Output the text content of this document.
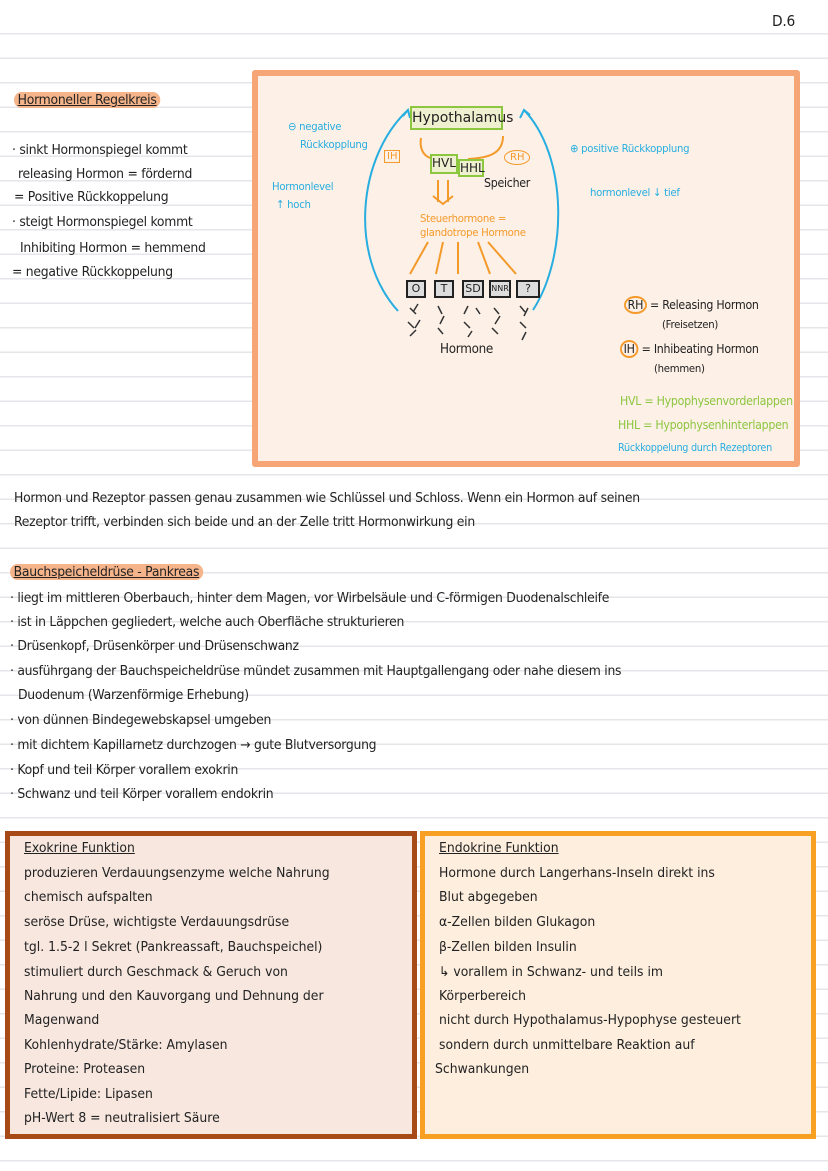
D.6
Hormoneller Regelkreis
· sinkt Hormonspiegel kommt
releasing Hormon = fördernd
= Positive Rückkoppelung
· steigt Hormonspiegel kommt
Inhibiting Hormon = hemmend
= negative Rückkoppelung
Hypothalamus
HVL HHL
IH	RH
Speicher
⊖ negative
Rückkopplung	⊕ positive Rückkopplung
Hormonlevel
↑ hoch
hormonlevel ↓ tief
Steuerhormone =
glandotrope Hormone
O	T	SD	NNR	?
Hormone
RH = Releasing Hormon
(Freisetzen)
IH = Inhibeating Hormon
(hemmen)
HVL = Hypophysenvorderlappen
HHL = Hypophysenhinterlappen
Rückkoppelung durch Rezeptoren
Hormon und Rezeptor passen genau zusammen wie Schlüssel und Schloss. Wenn ein Hormon auf seinen
Rezeptor trifft, verbinden sich beide und an der Zelle tritt Hormonwirkung ein
Bauchspeicheldrüse - Pankreas
· liegt im mittleren Oberbauch, hinter dem Magen, vor Wirbelsäule und C-förmigen Duodenalschleife
· ist in Läppchen gegliedert, welche auch Oberfläche strukturieren
· Drüsenkopf, Drüsenkörper und Drüsenschwanz
· ausführgang der Bauchspeicheldrüse mündet zusammen mit Hauptgallengang oder nahe diesem ins
Duodenum (Warzenförmige Erhebung)
· von dünnen Bindegewebskapsel umgeben
· mit dichtem Kapillarnetz durchzogen → gute Blutversorgung
· Kopf und teil Körper vorallem exokrin
· Schwanz und teil Körper vorallem endokrin
Exokrine Funktion
produzieren Verdauungsenzyme welche Nahrung
chemisch aufspalten
seröse Drüse, wichtigste Verdauungsdrüse
tgl. 1.5-2 l Sekret (Pankreassaft, Bauchspeichel)
stimuliert durch Geschmack & Geruch von
Nahrung und den Kauvorgang und Dehnung der
Magenwand
Kohlenhydrate/Stärke: Amylasen
Proteine: Proteasen
Fette/Lipide: Lipasen
pH-Wert 8 = neutralisiert Säure
Endokrine Funktion
Hormone durch Langerhans-Inseln direkt ins
Blut abgegeben
α-Zellen bilden Glukagon
β-Zellen bilden Insulin
↳ vorallem in Schwanz- und teils im
Körperbereich
nicht durch Hypothalamus-Hypophyse gesteuert
sondern durch unmittelbare Reaktion auf
Schwankungen
